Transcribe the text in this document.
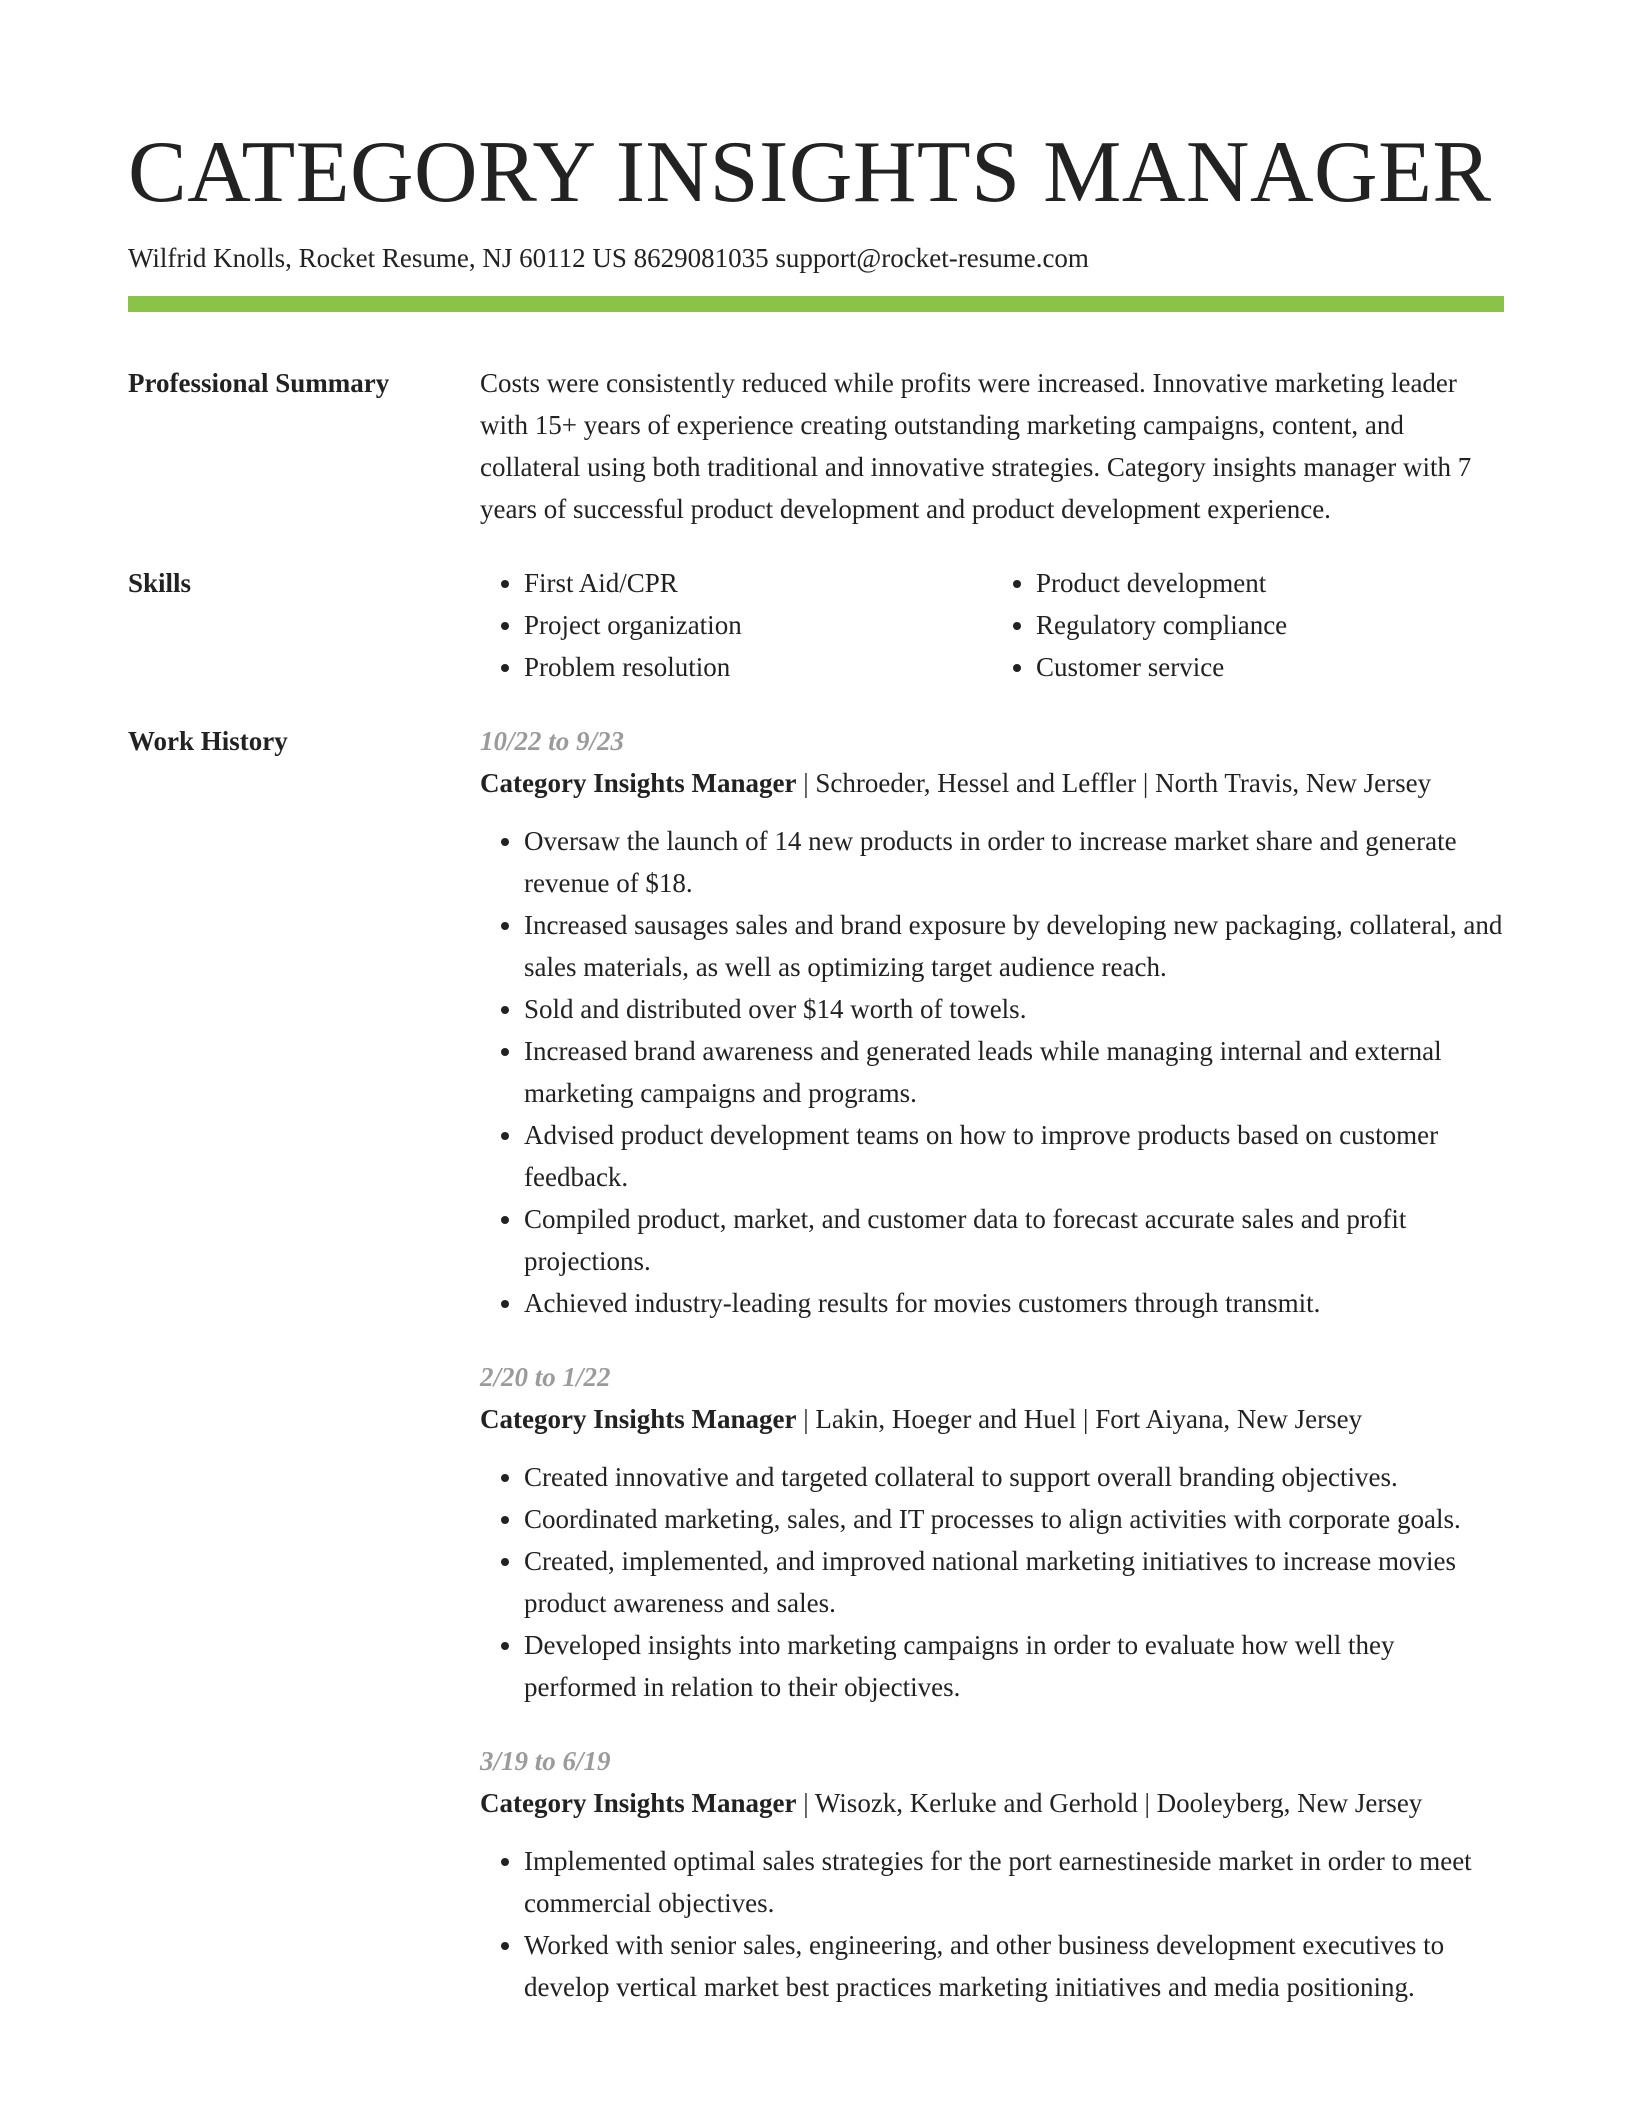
CATEGORY INSIGHTS MANAGER
Wilfrid Knolls, Rocket Resume, NJ 60112 US 8629081035 support@rocket-resume.com
Professional Summary	Costs were consistently reduced while profits were increased. Innovative marketing leader with 15+ years of experience creating outstanding marketing campaigns, content, and collateral using both traditional and innovative strategies. Category insights manager with 7 years of successful product development and product development experience.

Skills
•	First Aid/CPR
• Project organization
• Problem resolution
• Product development
• Regulatory compliance
• Customer service
Work History	10/22 to 9/23
Category Insights Manager | Schroeder, Hessel and Leffler | North Travis, New Jersey
• Oversaw the launch of 14 new products in order to increase market share and generate revenue of $18.
• Increased sausages sales and brand exposure by developing new packaging, collateral, and sales materials, as well as optimizing target audience reach.
• Sold and distributed over $14 worth of towels.
• Increased brand awareness and generated leads while managing internal and external marketing campaigns and programs.
• Advised product development teams on how to improve products based on customer feedback.
• Compiled product, market, and customer data to forecast accurate sales and profit projections.
• Achieved industry-leading results for movies customers through transmit.
2/20 to 1/22
Category Insights Manager | Lakin, Hoeger and Huel | Fort Aiyana, New Jersey
• Created innovative and targeted collateral to support overall branding objectives.
• Coordinated marketing, sales, and IT processes to align activities with corporate goals.
• Created, implemented, and improved national marketing initiatives to increase movies product awareness and sales.
• Developed insights into marketing campaigns in order to evaluate how well they performed in relation to their objectives.
3/19 to 6/19
Category Insights Manager | Wisozk, Kerluke and Gerhold | Dooleyberg, New Jersey
• Implemented optimal sales strategies for the port earnestineside market in order to meet commercial objectives.
• Worked with senior sales, engineering, and other business development executives to develop vertical market best practices marketing initiatives and media positioning.
